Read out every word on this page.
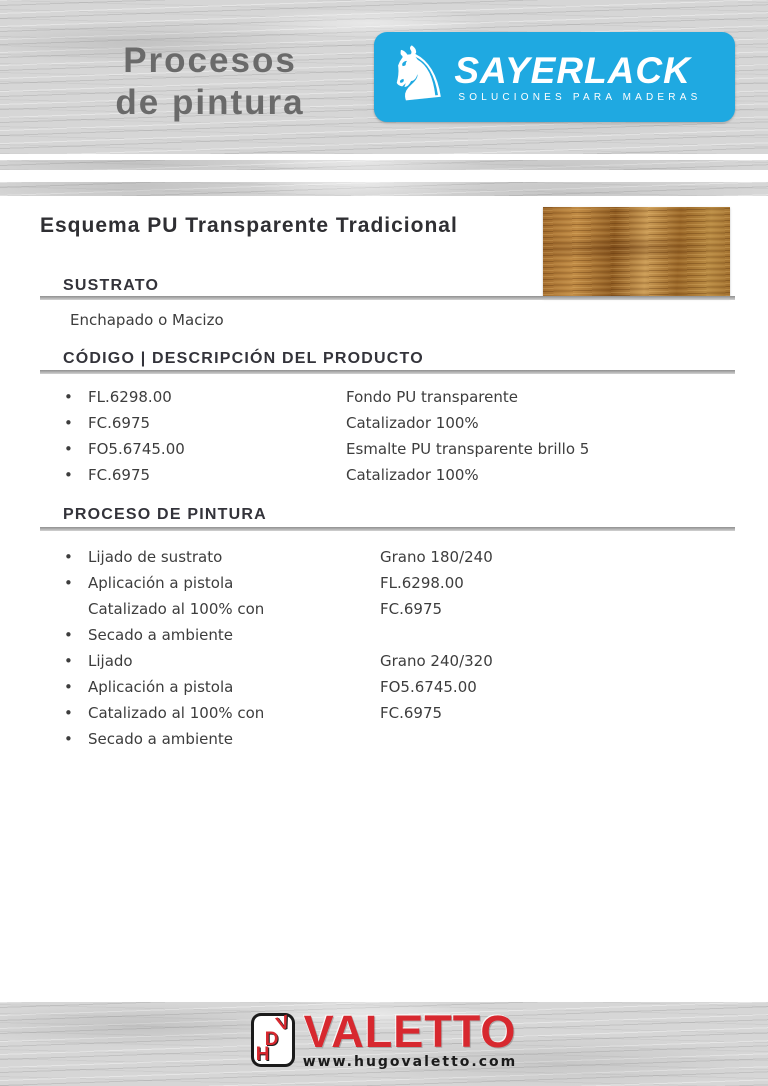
Procesos
de pintura	♞ SAYERLACK
SOLUCIONES PARA MADERAS
Esquema PU Transparente Tradicional
SUSTRATO
Enchapado o Macizo
CÓDIGO | DESCRIPCIÓN DEL PRODUCTO
•
FL.6298.00	Fondo PU transparente
•
FC.6975	Catalizador 100%
•
FO5.6745.00	Esmalte PU transparente brillo 5
•
FC.6975	Catalizador 100%
PROCESO DE PINTURA
•
Lijado de sustrato	Grano 180/240
•
Aplicación a pistola	FL.6298.00
Catalizado al 100% con	FC.6975
•
Secado a ambiente
•
Lijado	Grano 240/320
•
Aplicación a pistola	FO5.6745.00
•
Catalizado al 100% con	FC.6975
•
Secado a ambiente
V
D
H VALETTO
www.hugovaletto.com
